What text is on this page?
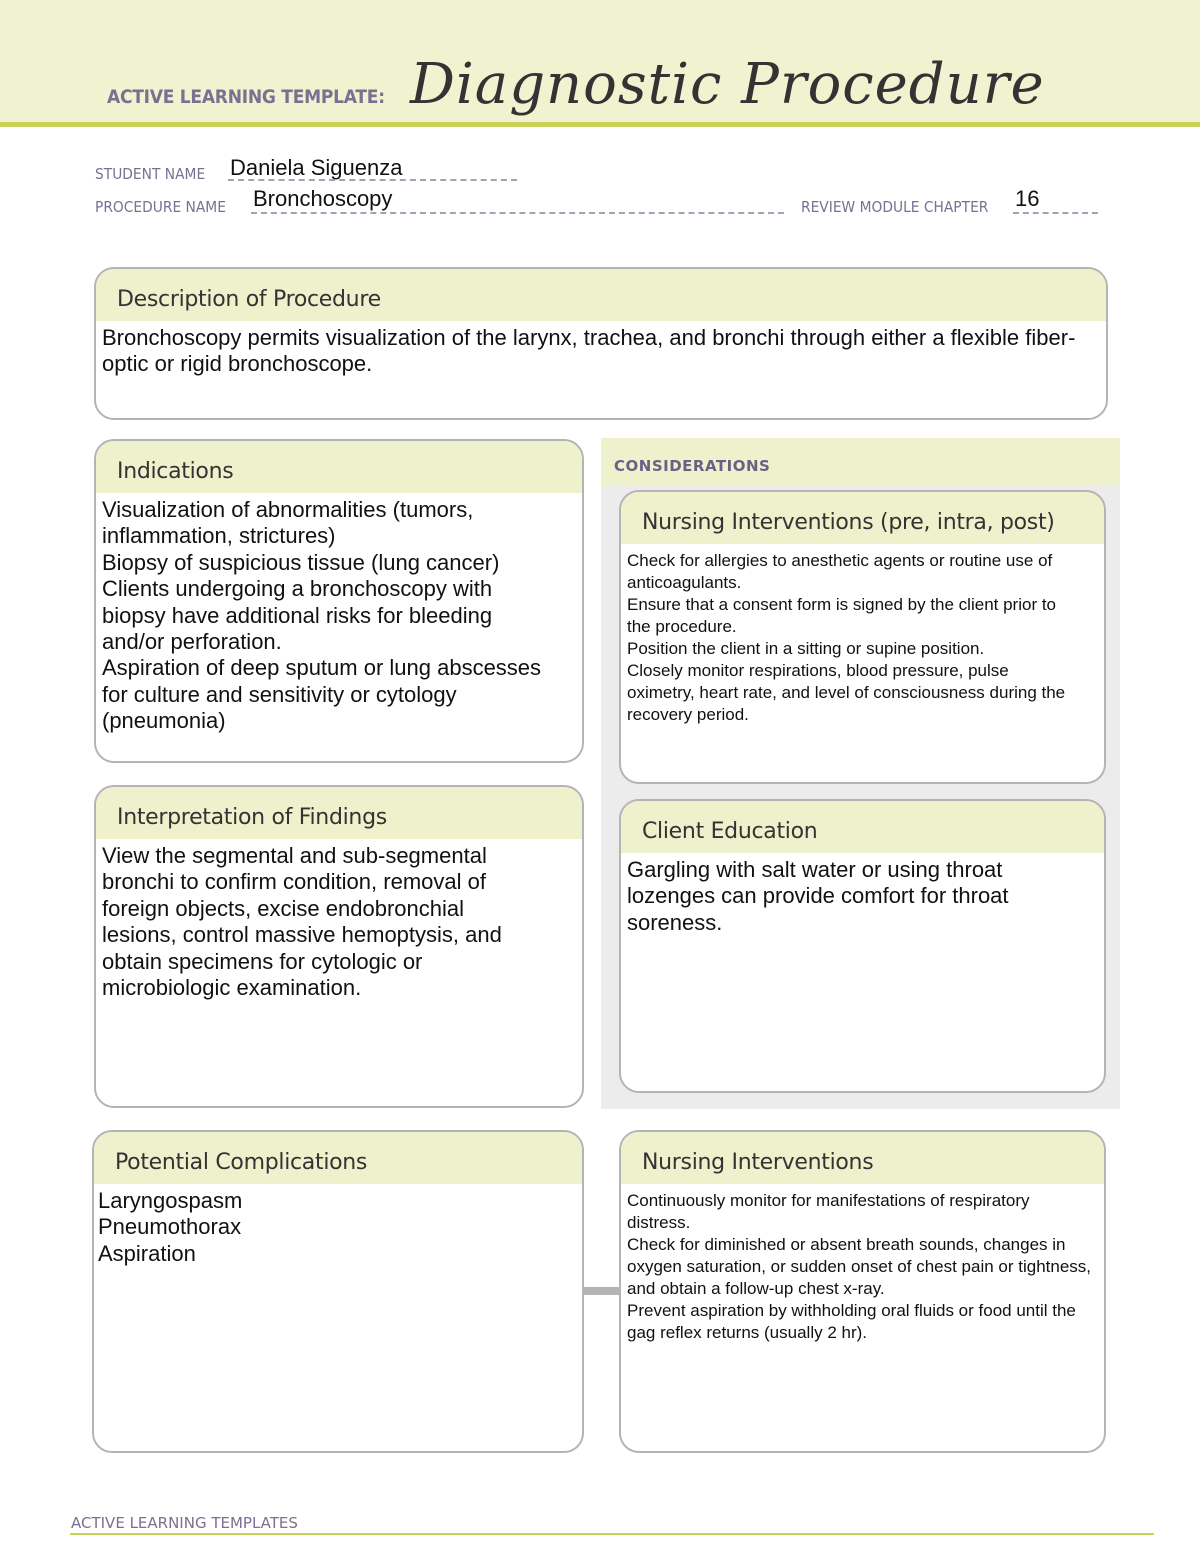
ACTIVE LEARNING TEMPLATE: Diagnostic Procedure
STUDENT NAME Daniela Siguenza
PROCEDURE NAME Bronchoscopy	REVIEW MODULE CHAPTER 16
Description of Procedure

Bronchoscopy permits visualization of the larynx, trachea, and bronchi through either a flexible fiber-optic or rigid bronchoscope.

Indications

Visualization of abnormalities (tumors, inflammation, strictures)

Biopsy of suspicious tissue (lung cancer)

Clients undergoing a bronchoscopy with biopsy have additional risks for bleeding and/or perforation.

Aspiration of deep sputum or lung abscesses for culture and sensitivity or cytology (pneumonia)

Interpretation of Findings

View the segmental and sub-segmental bronchi to confirm condition, removal of foreign objects, excise endobronchial lesions, control massive hemoptysis, and obtain specimens for cytologic or microbiologic examination.

Potential Complications

Laryngospasm

Pneumothorax

Aspiration

CONSIDERATIONS
Nursing Interventions (pre, intra, post)

Check for allergies to anesthetic agents or routine use of anticoagulants.

Ensure that a consent form is signed by the client prior to the procedure.

Position the client in a sitting or supine position.

Closely monitor respirations, blood pressure, pulse oximetry, heart rate, and level of consciousness during the recovery period.

Client Education

Gargling with salt water or using throat lozenges can provide comfort for throat soreness.

Nursing Interventions

Continuously monitor for manifestations of respiratory distress.

Check for diminished or absent breath sounds, changes in oxygen saturation, or sudden onset of chest pain or tightness, and obtain a follow-up chest x-ray.

Prevent aspiration by withholding oral fluids or food until the gag reflex returns (usually 2 hr).

ACTIVE LEARNING TEMPLATES
